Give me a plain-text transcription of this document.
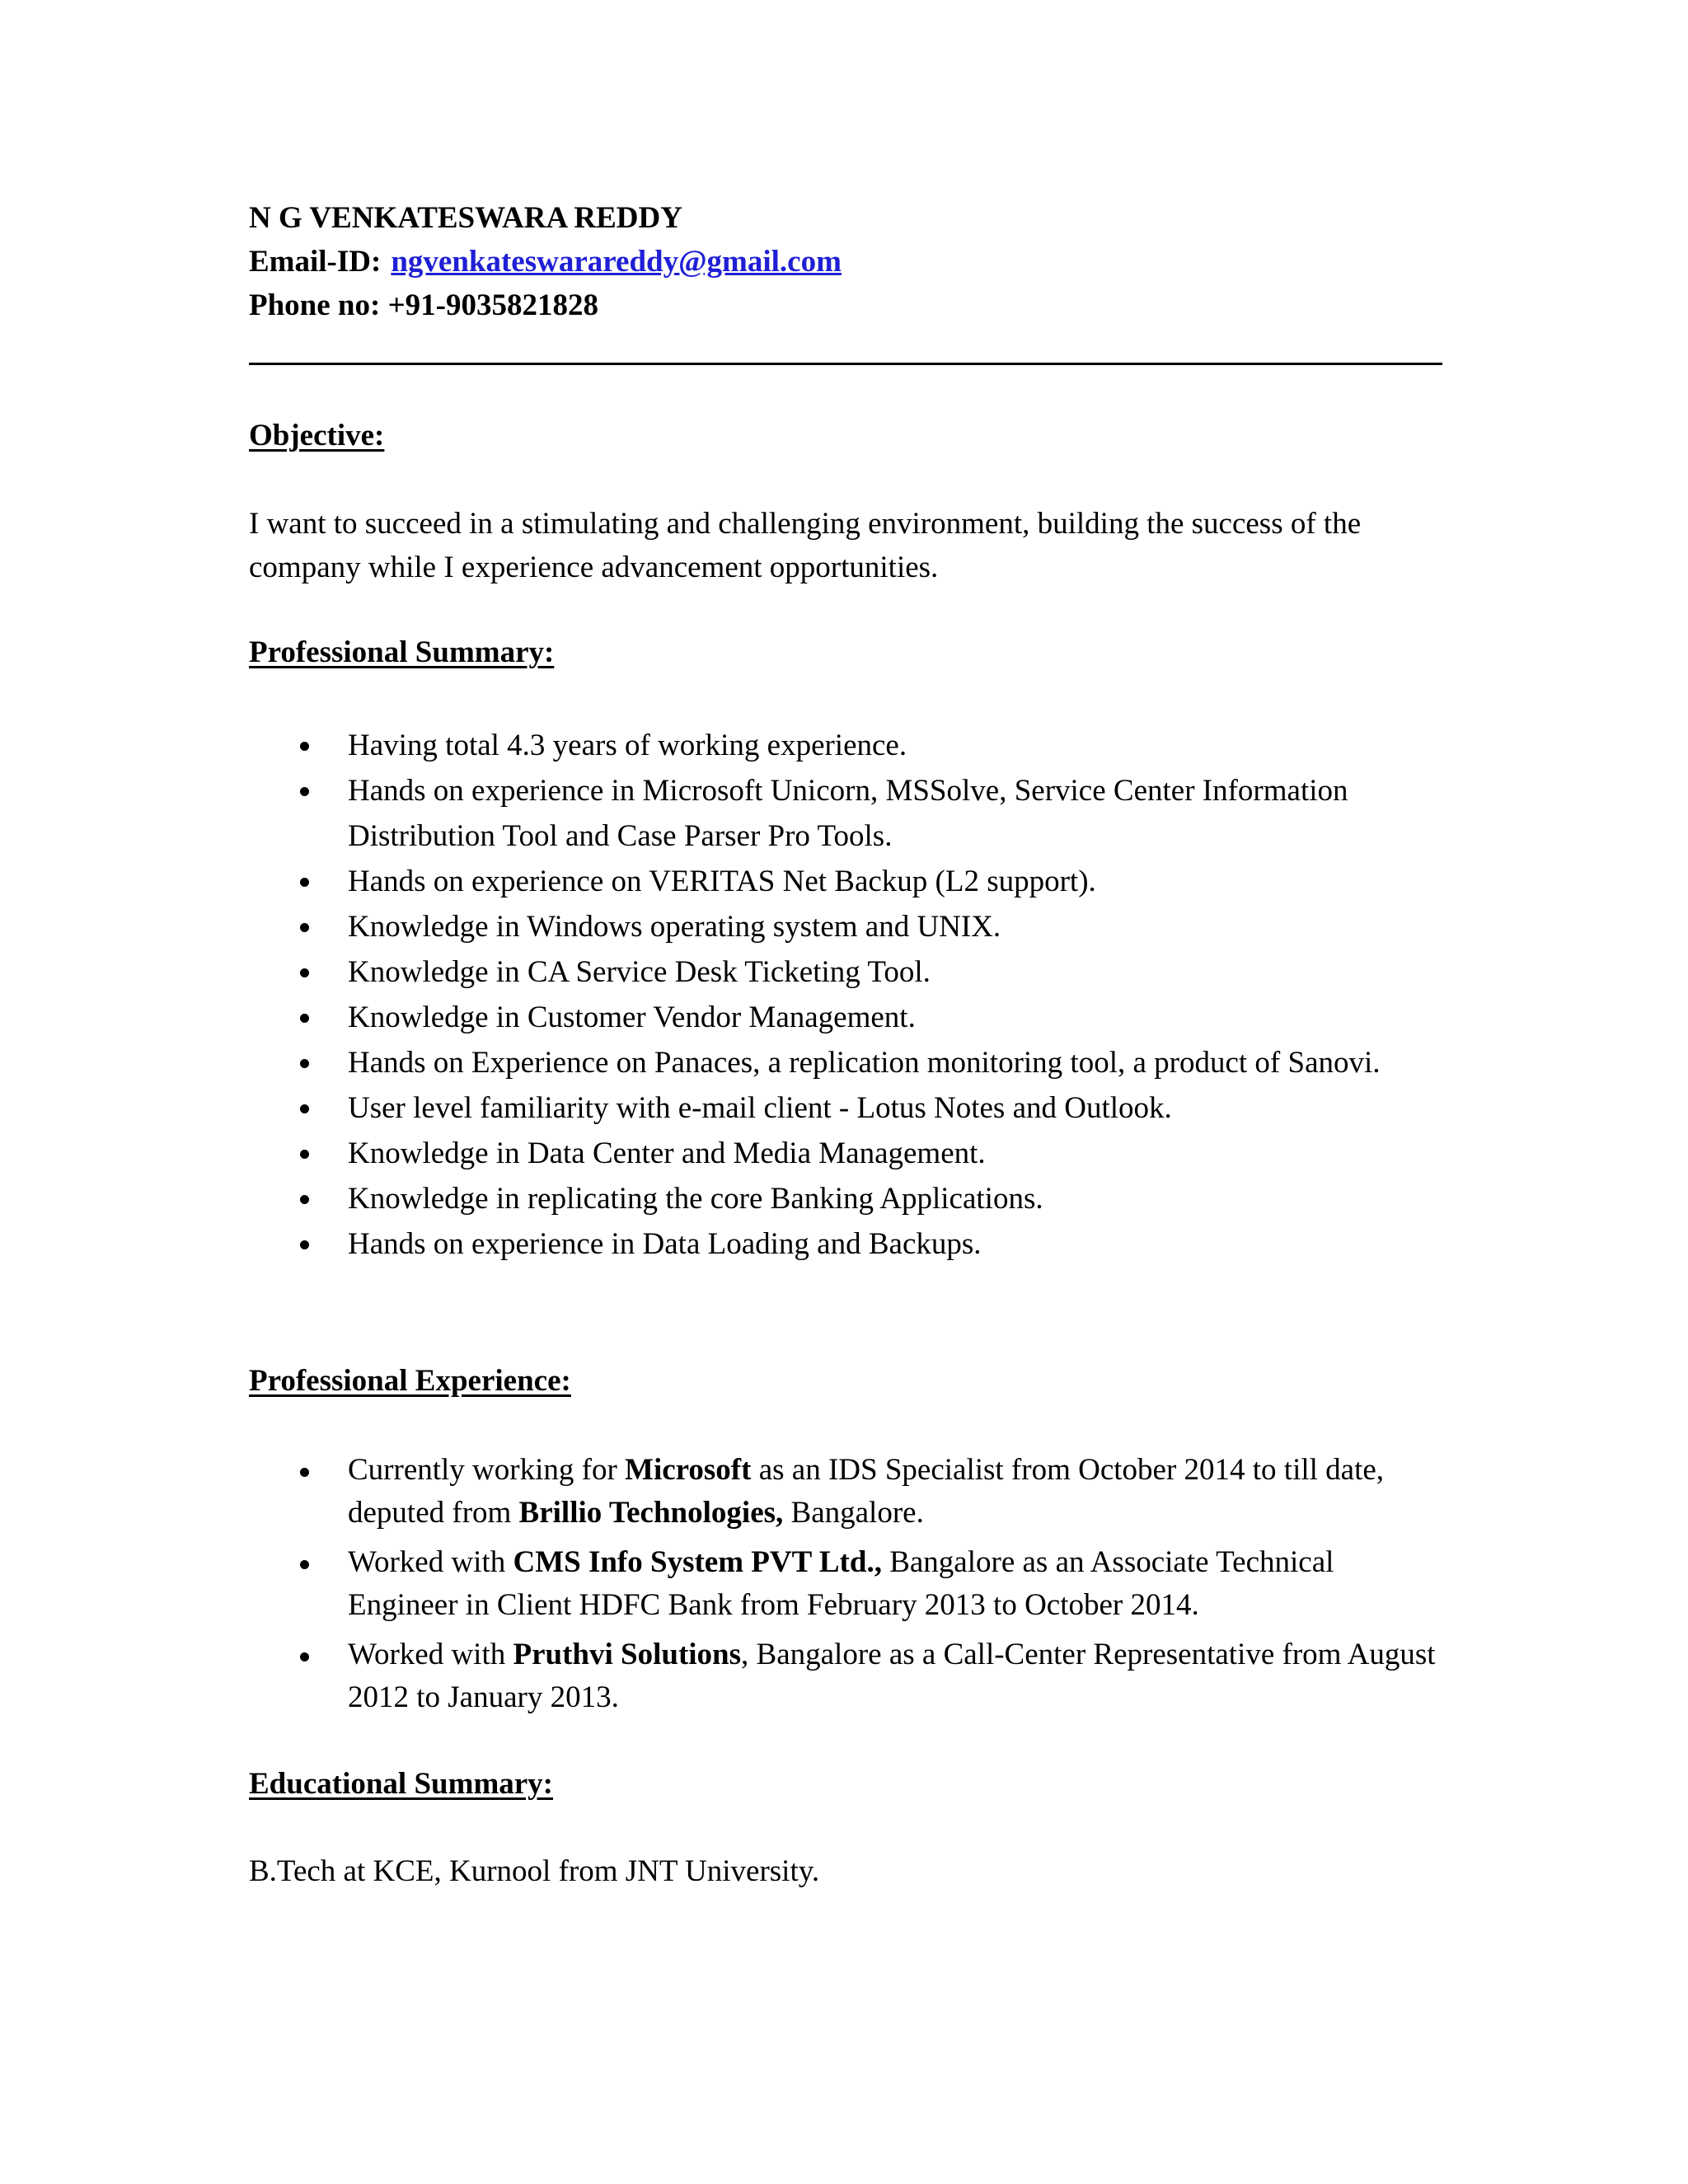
N G VENKATESWARA REDDY
Email-ID: ngvenkateswarareddy@gmail.com
Phone no: +91-9035821828
Objective:
I want to succeed in a stimulating and challenging environment, building the success of the company while I experience advancement opportunities.
Professional Summary:
Having total 4.3 years of working experience.
Hands on experience in Microsoft Unicorn, MSSolve, Service Center Information Distribution Tool and Case Parser Pro Tools.
Hands on experience on VERITAS Net Backup (L2 support).
Knowledge in Windows operating system and UNIX.
Knowledge in CA Service Desk Ticketing Tool.
Knowledge in Customer Vendor Management.
Hands on Experience on Panaces, a replication monitoring tool, a product of Sanovi.
User level familiarity with e-mail client - Lotus Notes and Outlook.
Knowledge in Data Center and Media Management.
Knowledge in replicating the core Banking Applications.
Hands on experience in Data Loading and Backups.
Professional Experience:
Currently working for Microsoft as an IDS Specialist from October 2014 to till date, deputed from Brillio Technologies, Bangalore.
Worked with CMS Info System PVT Ltd., Bangalore as an Associate Technical Engineer in Client HDFC Bank from February 2013 to October 2014.
Worked with Pruthvi Solutions, Bangalore as a Call-Center Representative from August 2012 to January 2013.
Educational Summary:
B.Tech at KCE, Kurnool from JNT University.
